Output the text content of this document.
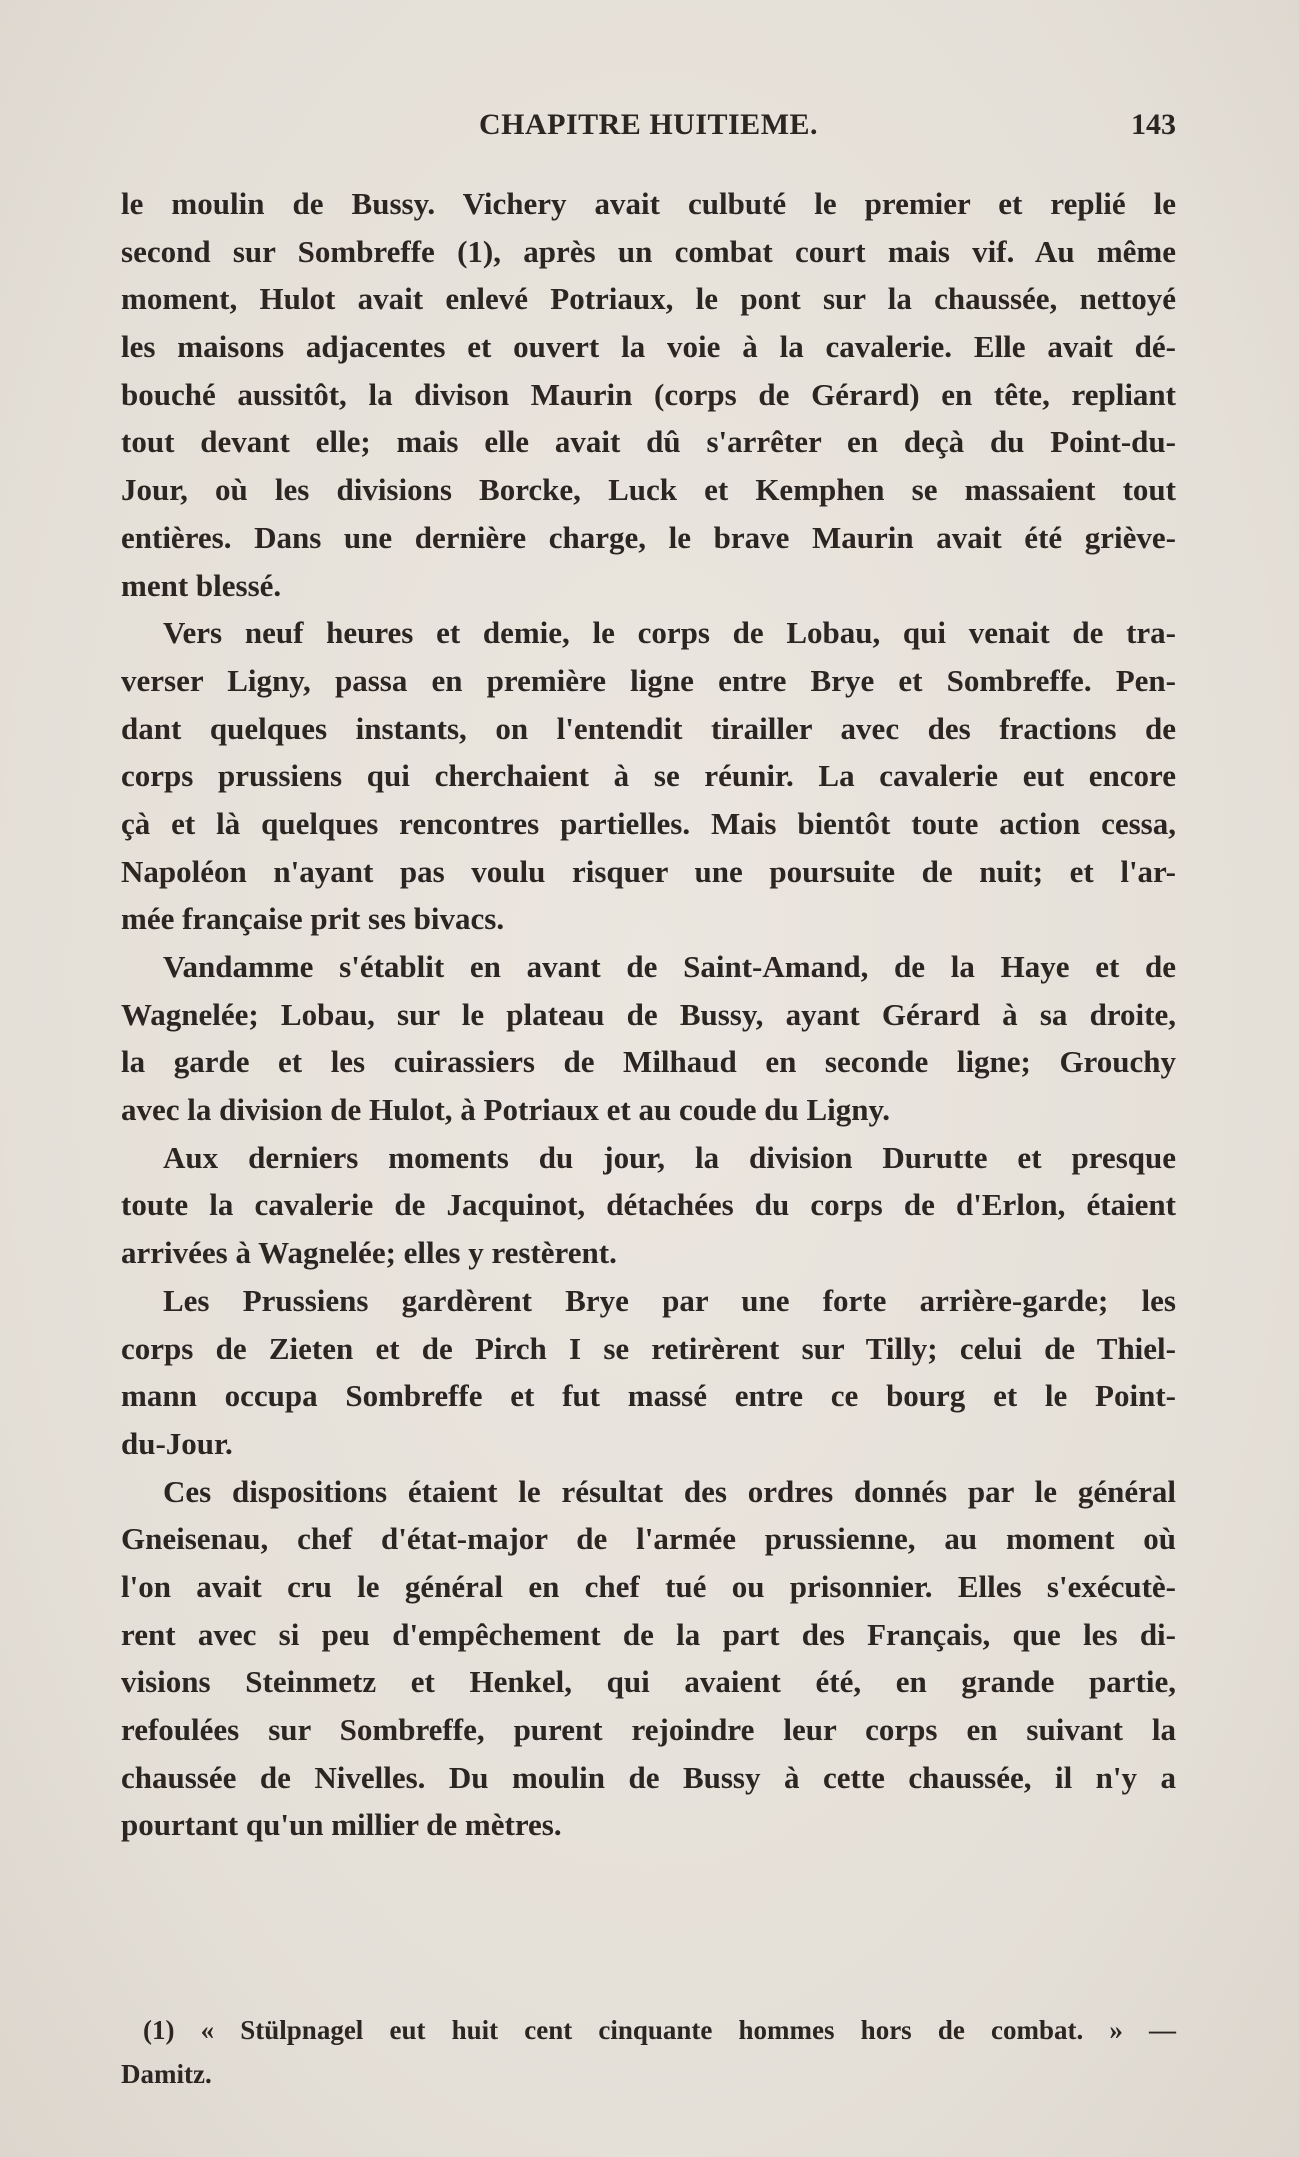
CHAPITRE HUITIEME.	143
le moulin de Bussy. Vichery avait culbuté le premier et replié le
second sur Sombreffe (1), après un combat court mais vif. Au même
moment, Hulot avait enlevé Potriaux, le pont sur la chaussée, nettoyé
les maisons adjacentes et ouvert la voie à la cavalerie. Elle avait dé-
bouché aussitôt, la divison Maurin (corps de Gérard) en tête, repliant
tout devant elle; mais elle avait dû s'arrêter en deçà du Point-du-
Jour, où les divisions Borcke, Luck et Kemphen se massaient tout
entières. Dans une dernière charge, le brave Maurin avait été griève-
ment blessé.
Vers neuf heures et demie, le corps de Lobau, qui venait de tra-
verser Ligny, passa en première ligne entre Brye et Sombreffe. Pen-
dant quelques instants, on l'entendit tirailler avec des fractions de
corps prussiens qui cherchaient à se réunir. La cavalerie eut encore
çà et là quelques rencontres partielles. Mais bientôt toute action cessa,
Napoléon n'ayant pas voulu risquer une poursuite de nuit; et l'ar-
mée française prit ses bivacs.
Vandamme s'établit en avant de Saint-Amand, de la Haye et de
Wagnelée; Lobau, sur le plateau de Bussy, ayant Gérard à sa droite,
la garde et les cuirassiers de Milhaud en seconde ligne; Grouchy
avec la division de Hulot, à Potriaux et au coude du Ligny.
Aux derniers moments du jour, la division Durutte et presque
toute la cavalerie de Jacquinot, détachées du corps de d'Erlon, étaient
arrivées à Wagnelée; elles y restèrent.
Les Prussiens gardèrent Brye par une forte arrière-garde; les
corps de Zieten et de Pirch I se retirèrent sur Tilly; celui de Thiel-
mann occupa Sombreffe et fut massé entre ce bourg et le Point-
du-Jour.
Ces dispositions étaient le résultat des ordres donnés par le général
Gneisenau, chef d'état-major de l'armée prussienne, au moment où
l'on avait cru le général en chef tué ou prisonnier. Elles s'exécutè-
rent avec si peu d'empêchement de la part des Français, que les di-
visions Steinmetz et Henkel, qui avaient été, en grande partie,
refoulées sur Sombreffe, purent rejoindre leur corps en suivant la
chaussée de Nivelles. Du moulin de Bussy à cette chaussée, il n'y a
pourtant qu'un millier de mètres.
(1) « Stülpnagel eut huit cent cinquante hommes hors de combat. » —
Damitz.
